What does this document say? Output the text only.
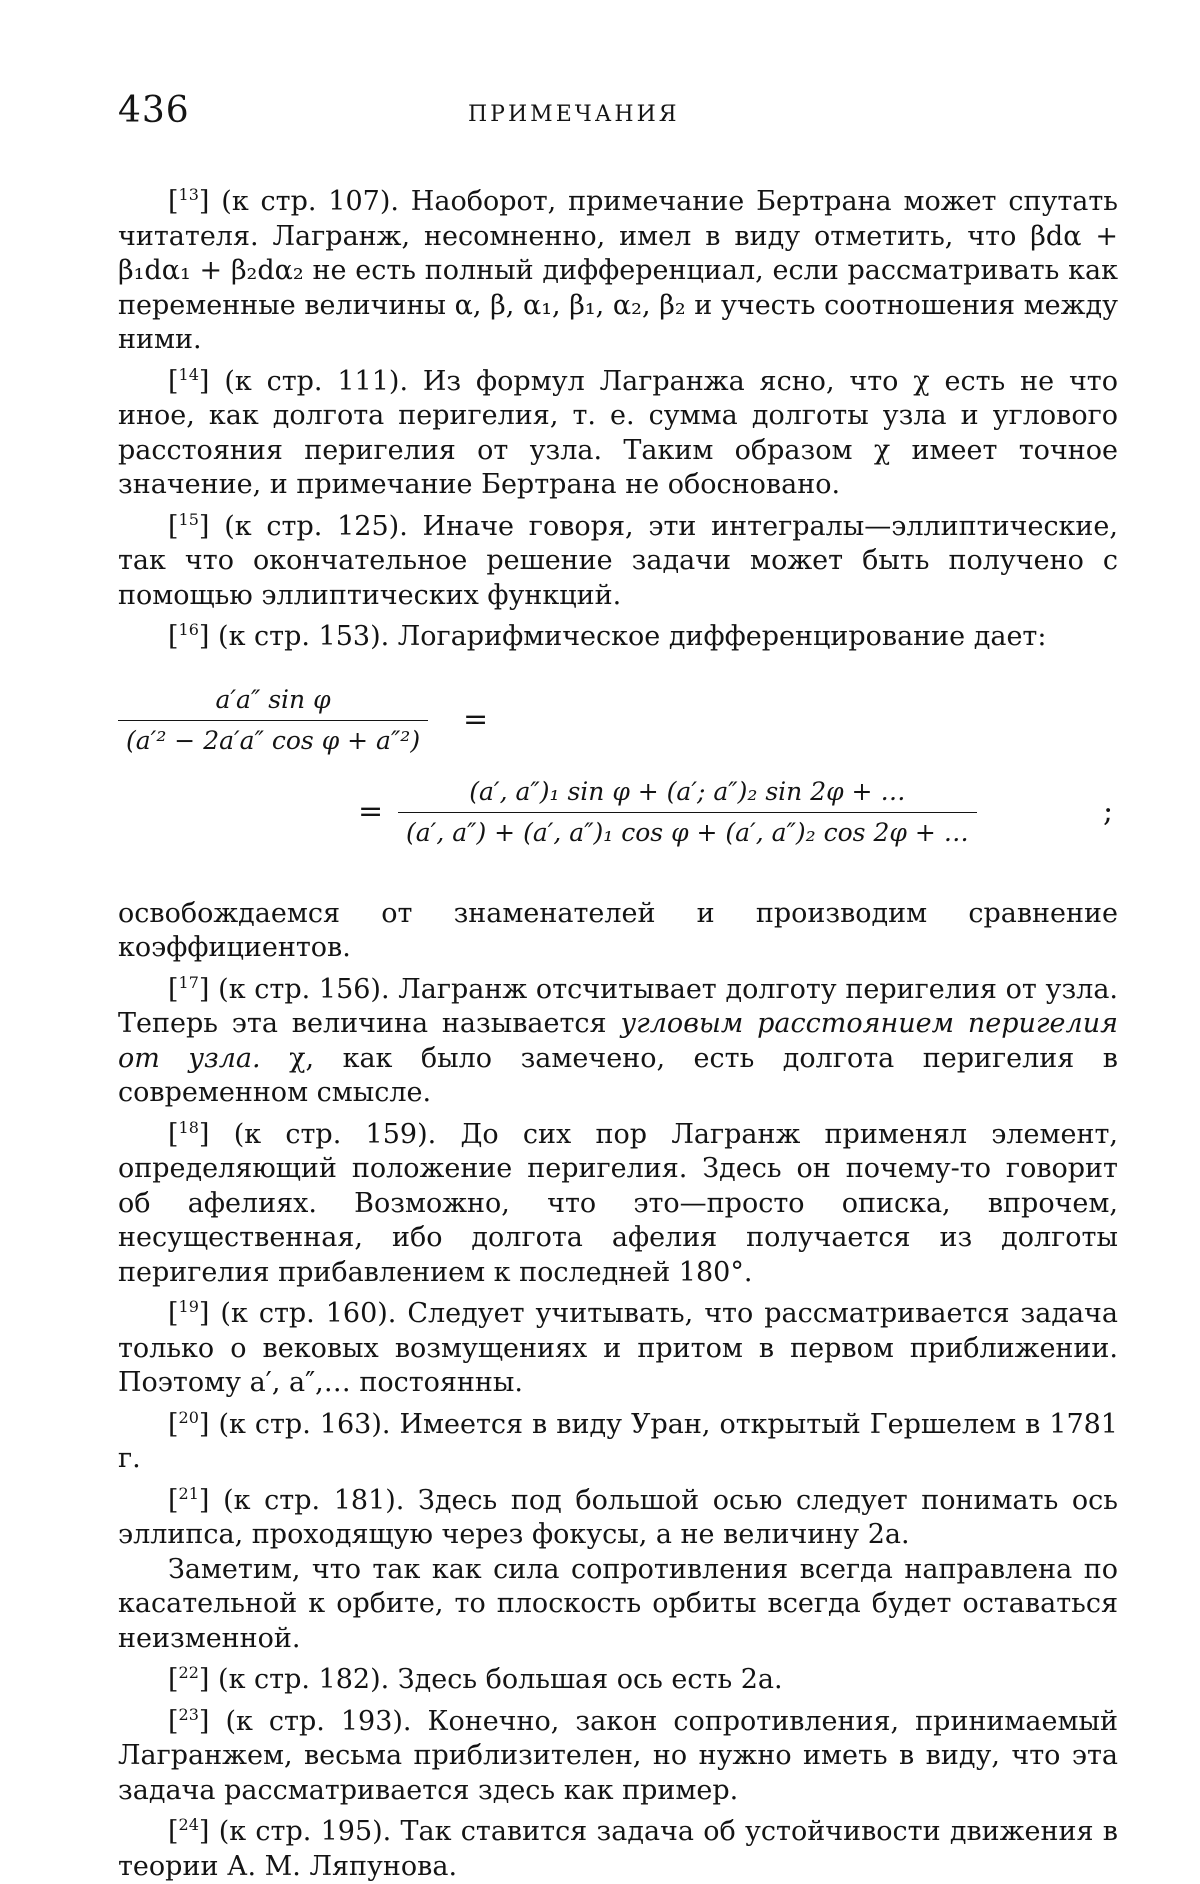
436	ПРИМЕЧАНИЯ

[$^{13}$] (к стр. 107). Наоборот, примечание Бертрана может спутать читателя. Лагранж, несомненно, имел в виду отметить, что βdα + β₁dα₁ + β₂dα₂ не есть полный дифференциал, если рассматривать как переменные величины α, β, α₁, β₁, α₂, β₂ и учесть соотношения между ними.

[$^{14}$] (к стр. 111). Из формул Лагранжа ясно, что χ есть не что иное, как долгота перигелия, т. е. сумма долготы узла и углового расстояния перигелия от узла. Таким образом χ имеет точное значение, и примечание Бертрана не обосновано.

[$^{15}$] (к стр. 125). Иначе говоря, эти интегралы—эллиптические, так что окончательное решение задачи может быть получено с помощью эллиптических функций.

[$^{16}$] (к стр. 153). Логарифмическое дифференцирование дает:

$\frac{\text{a′a″ sin φ}}{\text{(a′² − 2a′a″ cos φ + a″²)}}$ =
= $\frac{\text{(a′, a″)₁ sin φ + (a′; a″)₂ sin 2φ + …}}{\text{(a′, a″) + (a′, a″)₁ cos φ + (a′, a″)₂ cos 2φ + …}}$	;

освобождаемся от знаменателей и производим сравнение коэффициентов.

[$^{17}$] (к стр. 156). Лагранж отсчитывает долготу перигелия от узла. Теперь эта величина называется угловым расстоянием перигелия от узла. χ, как было замечено, есть долгота перигелия в современном смысле.

[$^{18}$] (к стр. 159). До сих пор Лагранж применял элемент, определяющий положение перигелия. Здесь он почему-то говорит об афелиях. Возможно, что это—просто описка, впрочем, несущественная, ибо долгота афелия получается из долготы перигелия прибавлением к последней 180°.

[$^{19}$] (к стр. 160). Следует учитывать, что рассматривается задача только о вековых возмущениях и притом в первом приближении. Поэтому a′, a″,… постоянны.

[$^{20}$] (к стр. 163). Имеется в виду Уран, открытый Гершелем в 1781 г.

[$^{21}$] (к стр. 181). Здесь под большой осью следует понимать ось эллипса, проходящую через фокусы, а не величину 2a.

Заметим, что так как сила сопротивления всегда направлена по касательной к орбите, то плоскость орбиты всегда будет оставаться неизменной.

[$^{22}$] (к стр. 182). Здесь большая ось есть 2a.

[$^{23}$] (к стр. 193). Конечно, закон сопротивления, принимаемый Лагранжем, весьма приблизителен, но нужно иметь в виду, что эта задача рассматривается здесь как пример.

[$^{24}$] (к стр. 195). Так ставится задача об устойчивости движения в теории А. М. Ляпунова.
